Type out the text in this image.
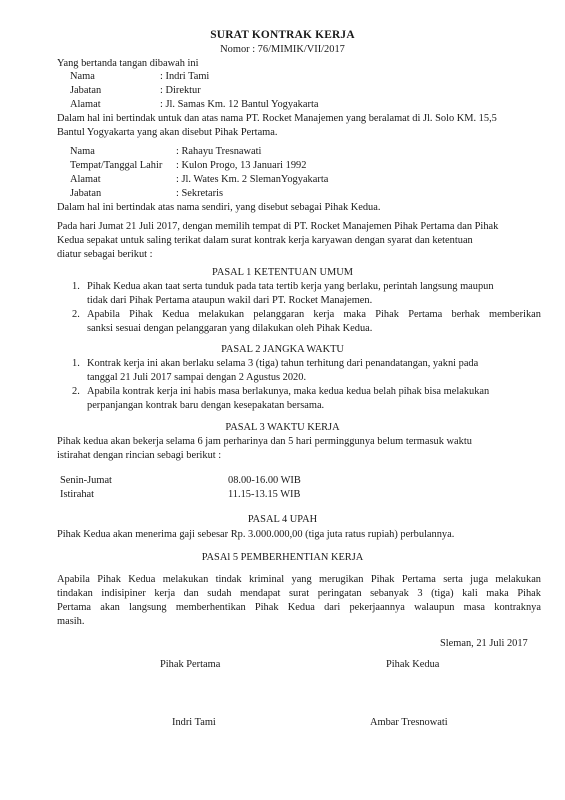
SURAT KONTRAK KERJA
Nomor : 76/MIMIK/VII/2017
Yang bertanda tangan dibawah ini
Nama	: Indri Tami
Jabatan	: Direktur
Alamat	: Jl. Samas Km. 12 Bantul Yogyakarta
Dalam hal ini bertindak untuk dan atas nama PT. Rocket Manajemen yang beralamat di Jl. Solo KM. 15,5
Bantul Yogyakarta yang akan disebut Pihak Pertama.
Nama	: Rahayu Tresnawati
Tempat/Tanggal Lahir : Kulon Progo, 13 Januari 1992
Alamat	: Jl. Wates Km. 2 SlemanYogyakarta
Jabatan	: Sekretaris
Dalam hal ini bertindak atas nama sendiri, yang disebut sebagai Pihak Kedua.
Pada hari Jumat 21 Juli 2017, dengan memilih tempat di PT. Rocket Manajemen Pihak Pertama dan Pihak
Kedua sepakat untuk saling terikat dalam surat kontrak kerja karyawan dengan syarat dan ketentuan
diatur sebagai berikut :
PASAL 1 KETENTUAN UMUM
1. Pihak Kedua akan taat serta tunduk pada tata tertib kerja yang berlaku, perintah langsung maupun
tidak dari Pihak Pertama ataupun wakil dari PT. Rocket Manajemen.
2. Apabila Pihak Kedua melakukan pelanggaran kerja maka Pihak Pertama berhak memberikan
sanksi sesuai dengan pelanggaran yang dilakukan oleh Pihak Kedua.
PASAL 2 JANGKA WAKTU
1. Kontrak kerja ini akan berlaku selama 3 (tiga) tahun terhitung dari penandatangan, yakni pada
tanggal 21 Juli 2017 sampai dengan 2 Agustus 2020.
2. Apabila kontrak kerja ini habis masa berlakunya, maka kedua kedua belah pihak bisa melakukan
perpanjangan kontrak baru dengan kesepakatan bersama.
PASAL 3 WAKTU KERJA
Pihak kedua akan bekerja selama 6 jam perharinya dan 5 hari perminggunya belum termasuk waktu
istirahat dengan rincian sebagi berikut :
Senin-Jumat	08.00-16.00 WIB
Istirahat	11.15-13.15 WIB
PASAL 4 UPAH
Pihak Kedua akan menerima gaji sebesar Rp. 3.000.000,00 (tiga juta ratus rupiah) perbulannya.
PASAl 5 PEMBERHENTIAN KERJA
Apabila Pihak Kedua melakukan tindak kriminal yang merugikan Pihak Pertama serta juga melakukan
tindakan indisipiner kerja dan sudah mendapat surat peringatan sebanyak 3 (tiga) kali maka Pihak
Pertama akan langsung memberhentikan Pihak Kedua dari pekerjaannya walaupun masa kontraknya
masih.
Sleman, 21 Juli 2017
Pihak Pertama	Pihak Kedua
Indri Tami	Ambar Tresnowati
